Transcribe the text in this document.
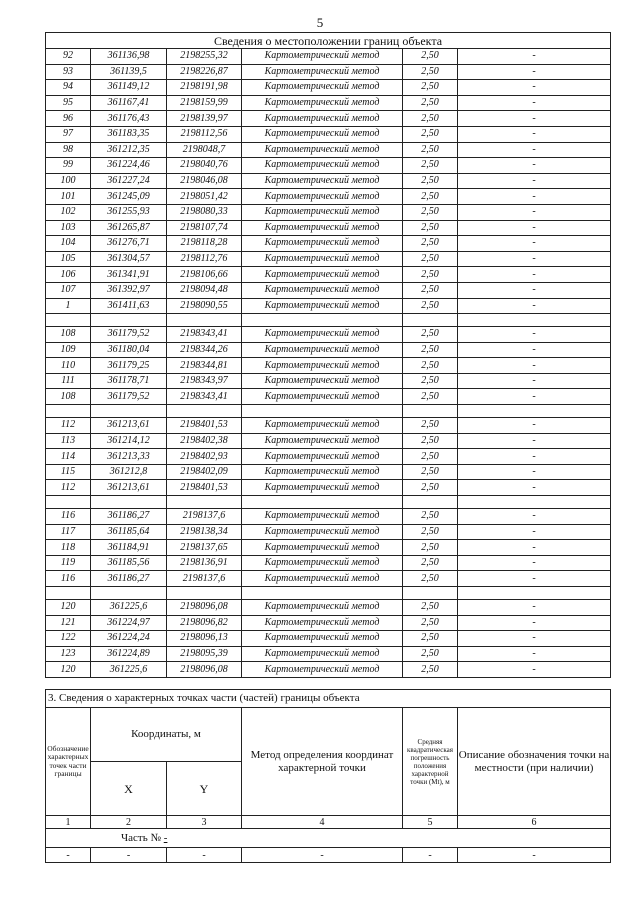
5
Сведения о местоположении границ объекта					
92	361136,98	2198255,32	Картометрический метод	2,50	-
93	361139,5	2198226,87	Картометрический метод	2,50	-
94	361149,12	2198191,98	Картометрический метод	2,50	-
95	361167,41	2198159,99	Картометрический метод	2,50	-
96	361176,43	2198139,97	Картометрический метод	2,50	-
97	361183,35	2198112,56	Картометрический метод	2,50	-
98	361212,35	2198048,7	Картометрический метод	2,50	-
99	361224,46	2198040,76	Картометрический метод	2,50	-
100	361227,24	2198046,08	Картометрический метод	2,50	-
101	361245,09	2198051,42	Картометрический метод	2,50	-
102	361255,93	2198080,33	Картометрический метод	2,50	-
103	361265,87	2198107,74	Картометрический метод	2,50	-
104	361276,71	2198118,28	Картометрический метод	2,50	-
105	361304,57	2198112,76	Картометрический метод	2,50	-
106	361341,91	2198106,66	Картометрический метод	2,50	-
107	361392,97	2198094,48	Картометрический метод	2,50	-
1	361411,63	2198090,55	Картометрический метод	2,50	-

108	361179,52	2198343,41	Картометрический метод	2,50	-
109	361180,04	2198344,26	Картометрический метод	2,50	-
110	361179,25	2198344,81	Картометрический метод	2,50	-
111	361178,71	2198343,97	Картометрический метод	2,50	-
108	361179,52	2198343,41	Картометрический метод	2,50	-

112	361213,61	2198401,53	Картометрический метод	2,50	-
113	361214,12	2198402,38	Картометрический метод	2,50	-
114	361213,33	2198402,93	Картометрический метод	2,50	-
115	361212,8	2198402,09	Картометрический метод	2,50	-
112	361213,61	2198401,53	Картометрический метод	2,50	-

116	361186,27	2198137,6	Картометрический метод	2,50	-
117	361185,64	2198138,34	Картометрический метод	2,50	-
118	361184,91	2198137,65	Картометрический метод	2,50	-
119	361185,56	2198136,91	Картометрический метод	2,50	-
116	361186,27	2198137,6	Картометрический метод	2,50	-

120	361225,6	2198096,08	Картометрический метод	2,50	-
121	361224,97	2198096,82	Картометрический метод	2,50	-
122	361224,24	2198096,13	Картометрический метод	2,50	-
123	361224,89	2198095,39	Картометрический метод	2,50	-
120	361225,6	2198096,08	Картометрический метод	2,50	-
3. Сведения о характерных точках части (частей) границы объекта					
Обозначение характерных точек части границы	Координаты, м		Метод определения координат характерной точки	Средняя квадратическая погрешность положения характерной точки (Mt), м	Описание обозначения точки на местности (при наличии)
	X	Y			
1	2	3	4	5	6
Часть № -					
-	-	-	-	-	-
